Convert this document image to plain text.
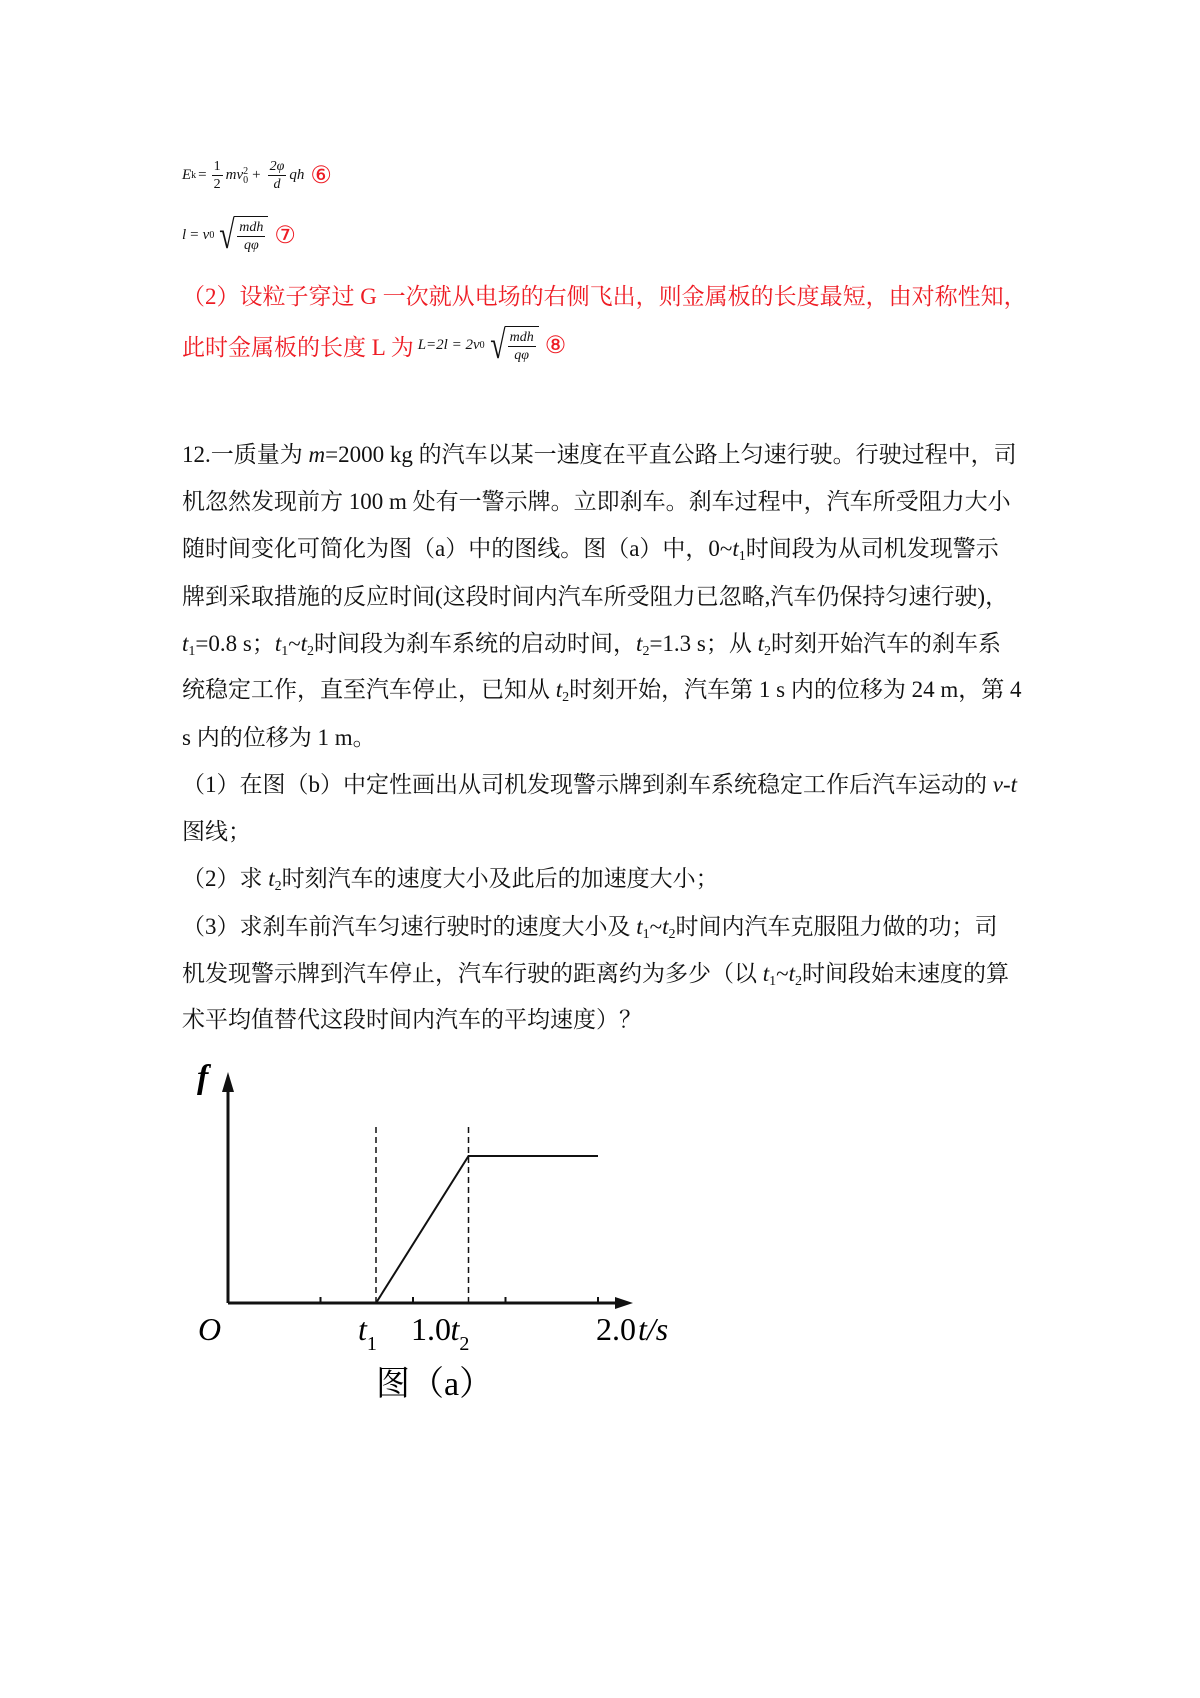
E $k = \frac{1}{2}$ mv 2
$0 + \frac{2\varphi}{d}$ qh ⑥
l = v 0 √ $\frac{\text{mdh}}{q\varphi}$ ⑦
（2）设粒子穿过 G 一次就从电场的右侧飞出，则金属板的长度最短，由对称性知，
此时金属板的长度 L 为 L=2l = 2v 0 √ $\frac{\text{mdh}}{q\varphi}$ ⑧
12.一质量为 m=2000 kg 的汽车以某一速度在平直公路上匀速行驶。行驶过程中，司
机忽然发现前方 100 m 处有一警示牌。立即刹车。刹车过程中，汽车所受阻力大小
随时间变化可简化为图（a）中的图线。图（a）中，$0\sim t_1$时间段为从司机发现警示
牌到采取措施的反应时间(这段时间内汽车所受阻力已忽略,汽车仍保持匀速行驶)，
$t_1=0.8$ s；$t_1\sim t_2$时间段为刹车系统的启动时间，$t_2=1.3$ s；从 $t_2$时刻开始汽车的刹车系
统稳定工作，直至汽车停止，已知从 $t_2$时刻开始，汽车第 1 s 内的位移为 24 m，第 4
s 内的位移为 1 m。
（1）在图（b）中定性画出从司机发现警示牌到刹车系统稳定工作后汽车运动的 v-t
图线；
（2）求 $t_2$时刻汽车的速度大小及此后的加速度大小；
（3）求刹车前汽车匀速行驶时的速度大小及 $t_1\sim t_2$时间内汽车克服阻力做的功；司
机发现警示牌到汽车停止，汽车行驶的距离约为多少（以 $t_1\sim t_2$时间段始末速度的算
术平均值替代这段时间内汽车的平均速度）？
f
O	$t_1$ 1.0 $t_2$	2.0 t/s
图（a）
